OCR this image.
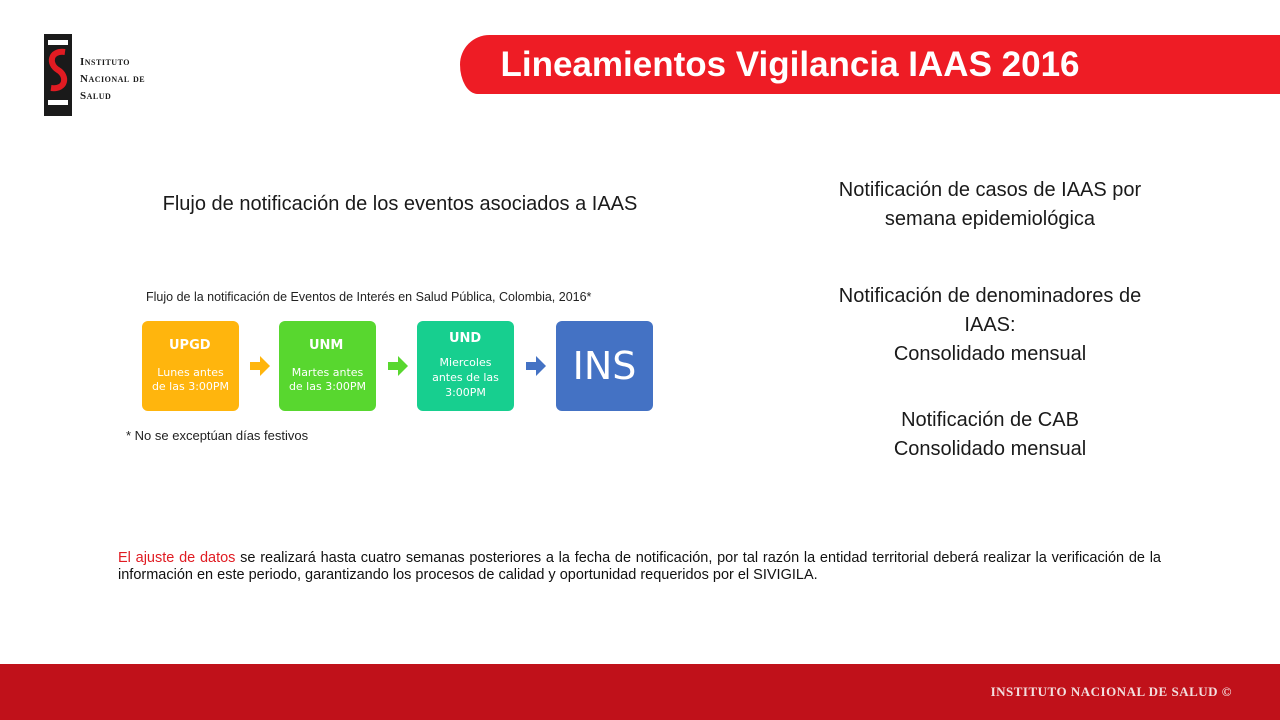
Instituto
Nacional de
Salud
Lineamientos Vigilancia IAAS 2016
Flujo de notificación de los eventos asociados a IAAS
Flujo de la notificación de Eventos de Interés en Salud Pública, Colombia, 2016*
UPGD
Lunes antes
de las 3:00PM
UNM
Martes antes
de las 3:00PM
UND
Miercoles
antes de las
3:00PM
INS
* No se exceptúan días festivos
Notificación de casos de IAAS por
semana epidemiológica
Notificación de denominadores de
IAAS:
Consolidado mensual
Notificación de CAB
Consolidado mensual
El ajuste de datos se realizará hasta cuatro semanas posteriores a la fecha de notificación, por tal razón la entidad territorial deberá realizar la verificación de la información en este periodo, garantizando los procesos de calidad y oportunidad requeridos por el SIVIGILA.
INSTITUTO NACIONAL DE SALUD ©
